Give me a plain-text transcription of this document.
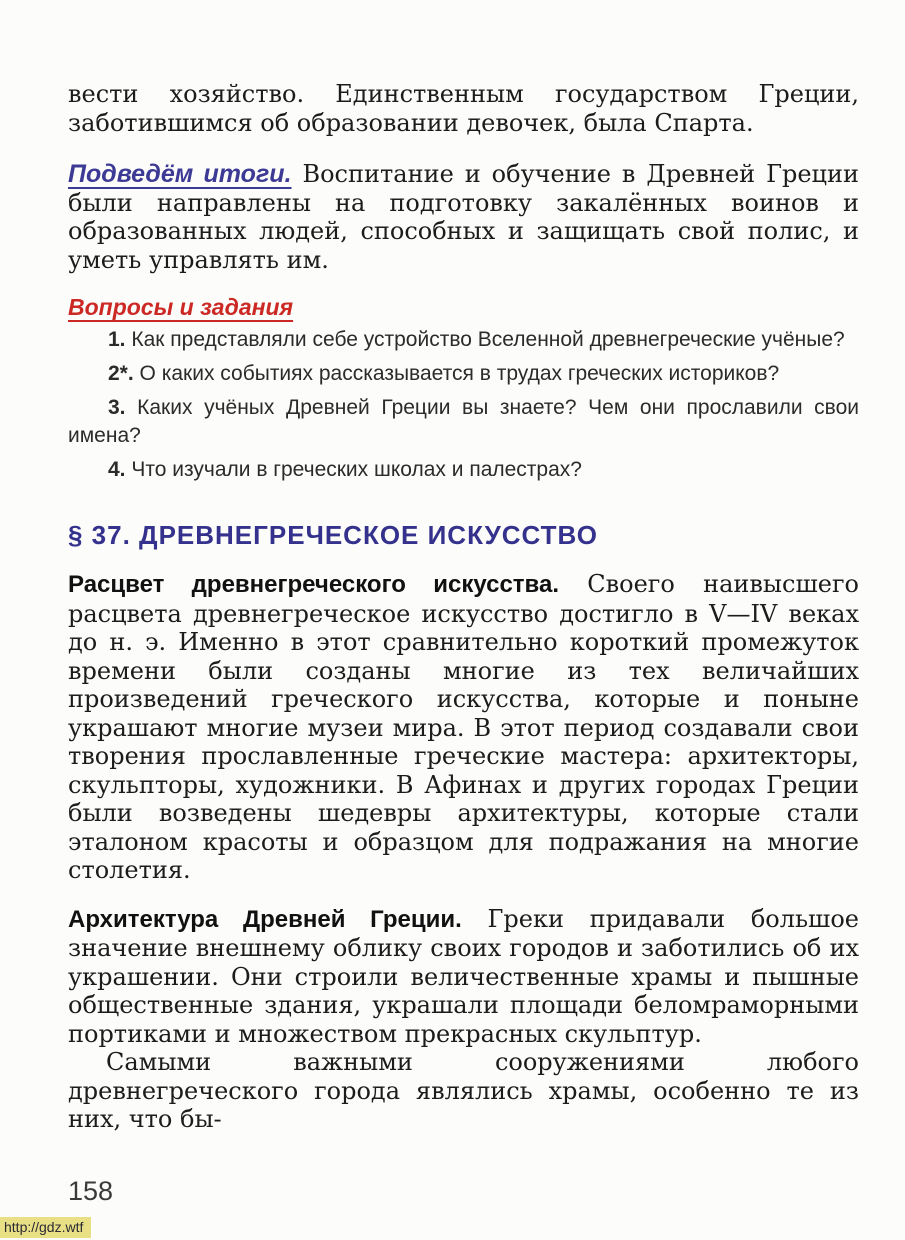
вести хозяйство. Единственным государством Греции, заботившимся об образовании девочек, была Спарта.

Подведём итоги. Воспитание и обучение в Древней Греции были направлены на подготовку закалённых воинов и образованных людей, способных и защищать свой полис, и уметь управлять им.

Вопросы и задания

1. Как представляли себе устройство Вселенной древнегреческие учёные?

2*. О каких событиях рассказывается в трудах греческих историков?

3. Каких учёных Древней Греции вы знаете? Чем они прославили свои имена?

4. Что изучали в греческих школах и палестрах?

§ 37. ДРЕВНЕГРЕЧЕСКОЕ ИСКУССТВО

Расцвет древнегреческого искусства. Своего наивысшего расцвета древнегреческое искусство достигло в V—IV веках до н. э. Именно в этот сравнительно короткий промежуток времени были созданы многие из тех величайших произведений греческого искусства, которые и поныне украшают многие музеи мира. В этот период создавали свои творения прославленные греческие мастера: архитекторы, скульпторы, художники. В Афинах и других городах Греции были возведены шедевры архитектуры, которые стали эталоном красоты и образцом для подражания на многие столетия.

Архитектура Древней Греции. Греки придавали большое значение внешнему облику своих городов и заботились об их украшении. Они строили величественные храмы и пышные общественные здания, украшали площади беломраморными портиками и множеством прекрасных скульптур.

Самыми важными сооружениями любого древнегреческого города являлись храмы, особенно те из них, что бы-

158
http://gdz.wtf
